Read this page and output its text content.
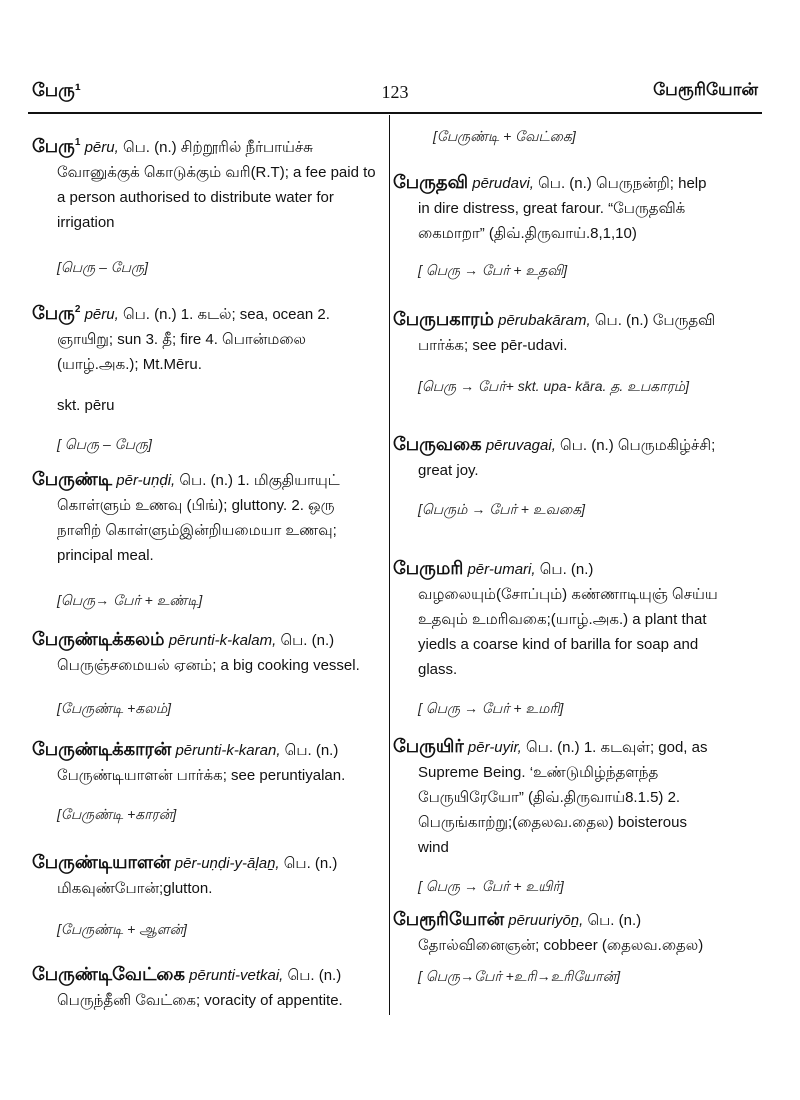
பேரு¹	123	பேரூரியோன்

பேரு$^1$ pēru, பெ. (n.) சிற்றூரில் நீர்பாய்ச்சு வோனுக்குக் கொடுக்கும் வரி(R.T); a fee paid to a person authorised to distribute water for irrigation

[பெரு – பேரு]

பேரு$^2$ pēru, பெ. (n.) 1. கடல்; sea, ocean 2. ஞாயிறு; sun 3. தீ; fire 4. பொன்மலை (யாழ்.அக.); Mt.Mēru.

skt. pēru

[ பெரு – பேரு]

பேருண்டி pēr-uṇḍi, பெ. (n.) 1. மிகுதியாயுட் கொள்ளும் உணவு (பிங்); gluttony. 2. ஒரு நாளிற் கொள்ளும்இன்றியமையா உணவு; principal meal.

[பெரு→ பேர் + உண்டி]

பேருண்டிக்கலம் pērunti-k-kalam, பெ. (n.) பெருஞ்சமையல் ஏனம்; a big cooking vessel.

[பேருண்டி +கலம்]

பேருண்டிக்காரன் pērunti-k-karan, பெ. (n.) பேருண்டியாளன் பார்க்க; see peruntiyalan.

[பேருண்டி +காரன்]

பேருண்டியாளன் pēr-uṇḍi-y-āḷaṉ, பெ. (n.) மிகவுண்போன்;glutton.

[பேருண்டி + ஆளன்]

பேருண்டிவேட்கை pērunti-vetkai, பெ. (n.) பெருந்தீனி வேட்கை; voracity of appentite.

[பேருண்டி + வேட்கை]

பேருதவி pērudavi, பெ. (n.) பெருநன்றி; help in dire distress, great farour. “பேருதவிக் கைமாறா” (திவ்.திருவாய்.8,1,10)

[ பெரு → பேர் + உதவி]

பேருபகாரம் pērubakāram, பெ. (n.) பேருதவி பார்க்க; see pēr-udavi.

[பெரு → பேர்+ skt. upa- kāra. த. உபகாரம்]

பேருவகை pēruvagai, பெ. (n.) பெருமகிழ்ச்சி; great joy.

[பெரும் → பேர் + உவகை]

பேருமரி pēr-umari, பெ. (n.) வழலையும்(சோப்பும்) கண்ணாடியுஞ் செய்ய உதவும் உமரிவகை;(யாழ்.அக.) a plant that yiedls a coarse kind of barilla for soap and glass.

[ பெரு → பேர் + உமரி]

பேருயிர் pēr-uyir, பெ. (n.) 1. கடவுள்; god, as Supreme Being. ‘உண்டுமிழ்ந்தளந்த பேருயிரேயோ” (திவ்.திருவாய்8.1.5) 2. பெருங்காற்று;(தைலவ.தைல) boisterous wind

[ பெரு → பேர் + உயிர்]

பேரூரியோன் pēruuriyōṉ, பெ. (n.) தோல்வினைஞன்; cobbeer (தைலவ.தைல)

[ பெரு→பேர் +உரி→உரியோன்]
